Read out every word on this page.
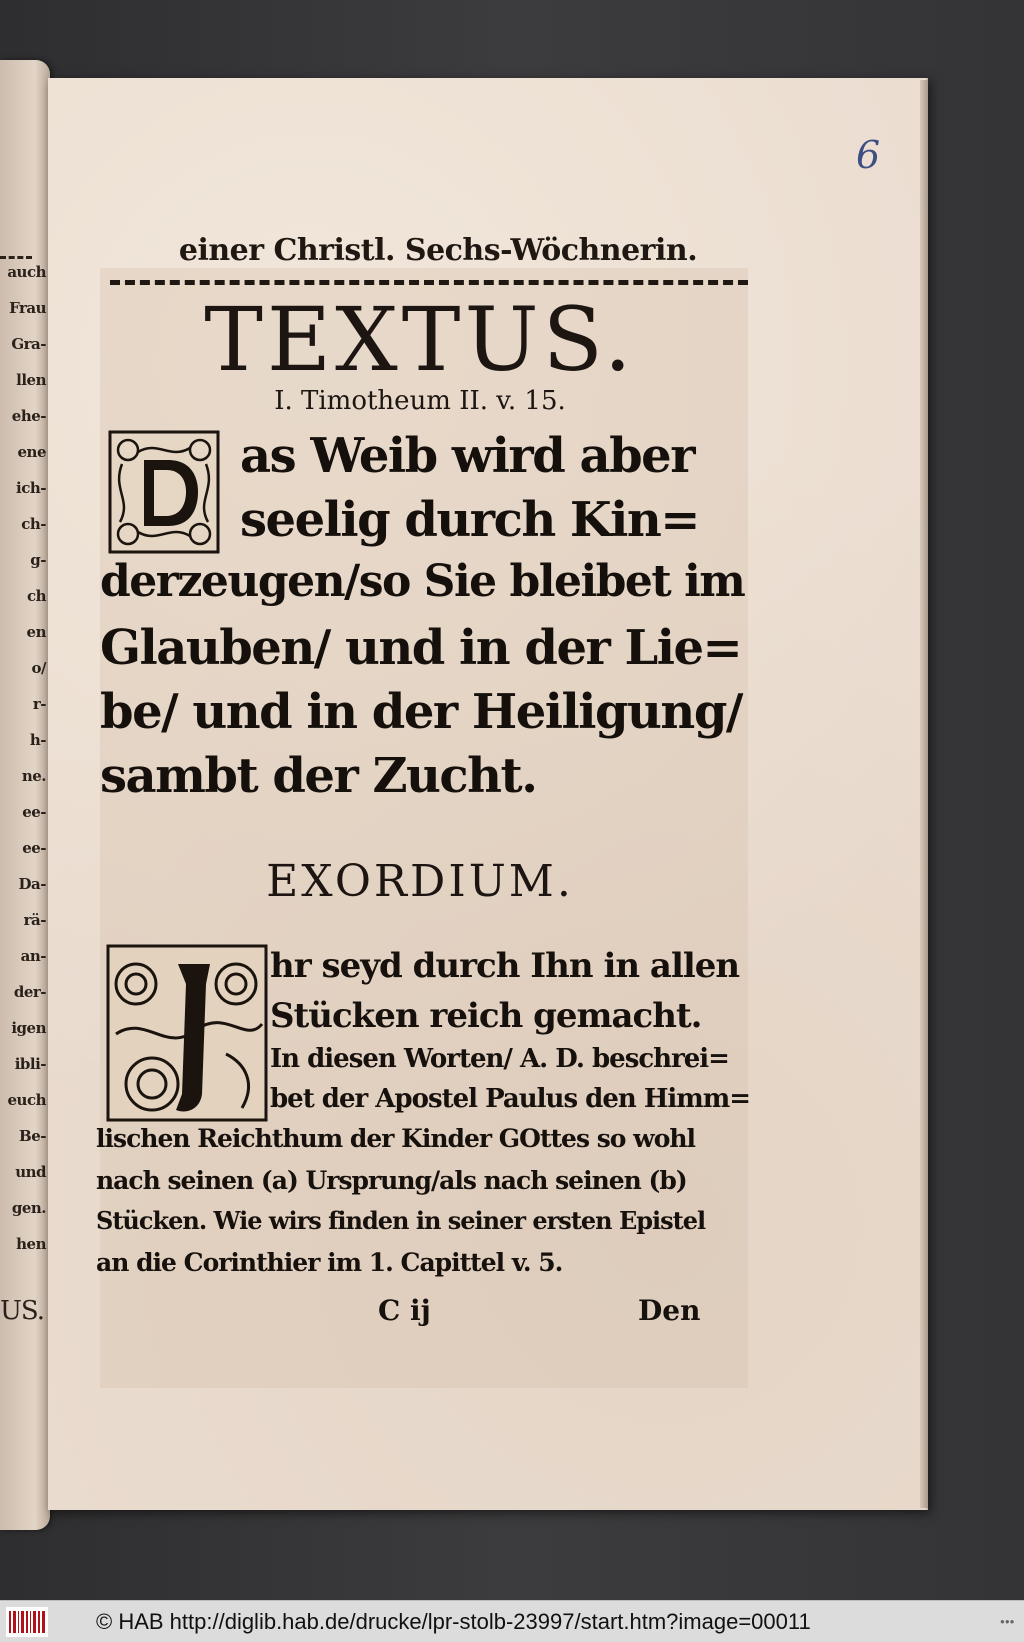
auch
Frau
Gra-
llen
ehe-
ene
ich-
ch-
g-
ch
en
o/
r-
h-
ne.
ee-
ee-
Da-
rä-
an-
der-
igen
ibli-
euch
Be-
und
gen.
hen
US.
6
einer Christl. Sechs-Wöchnerin.
TEXTUS.
I. Timotheum II. v. 15.
as Weib wird aber
seelig durch Kin=
derzeugen/so Sie bleibet im
Glauben/ und in der Lie=
be/ und in der Heiligung/
sambt der Zucht.
EXORDIUM.
hr seyd durch Ihn in allen
Stücken reich gemacht.
In diesen Worten/ A. D. beschrei=
bet der Apostel Paulus den Himm=
lischen Reichthum der Kinder GOttes so wohl
nach seinen (a) Ursprung/als nach seinen (b)
Stücken. Wie wirs finden in seiner ersten Epistel
an die Corinthier im 1. Capittel v. 5.
C ij	Den
© HAB http://diglib.hab.de/drucke/lpr-stolb-23997/start.htm?image=00011	●●●
